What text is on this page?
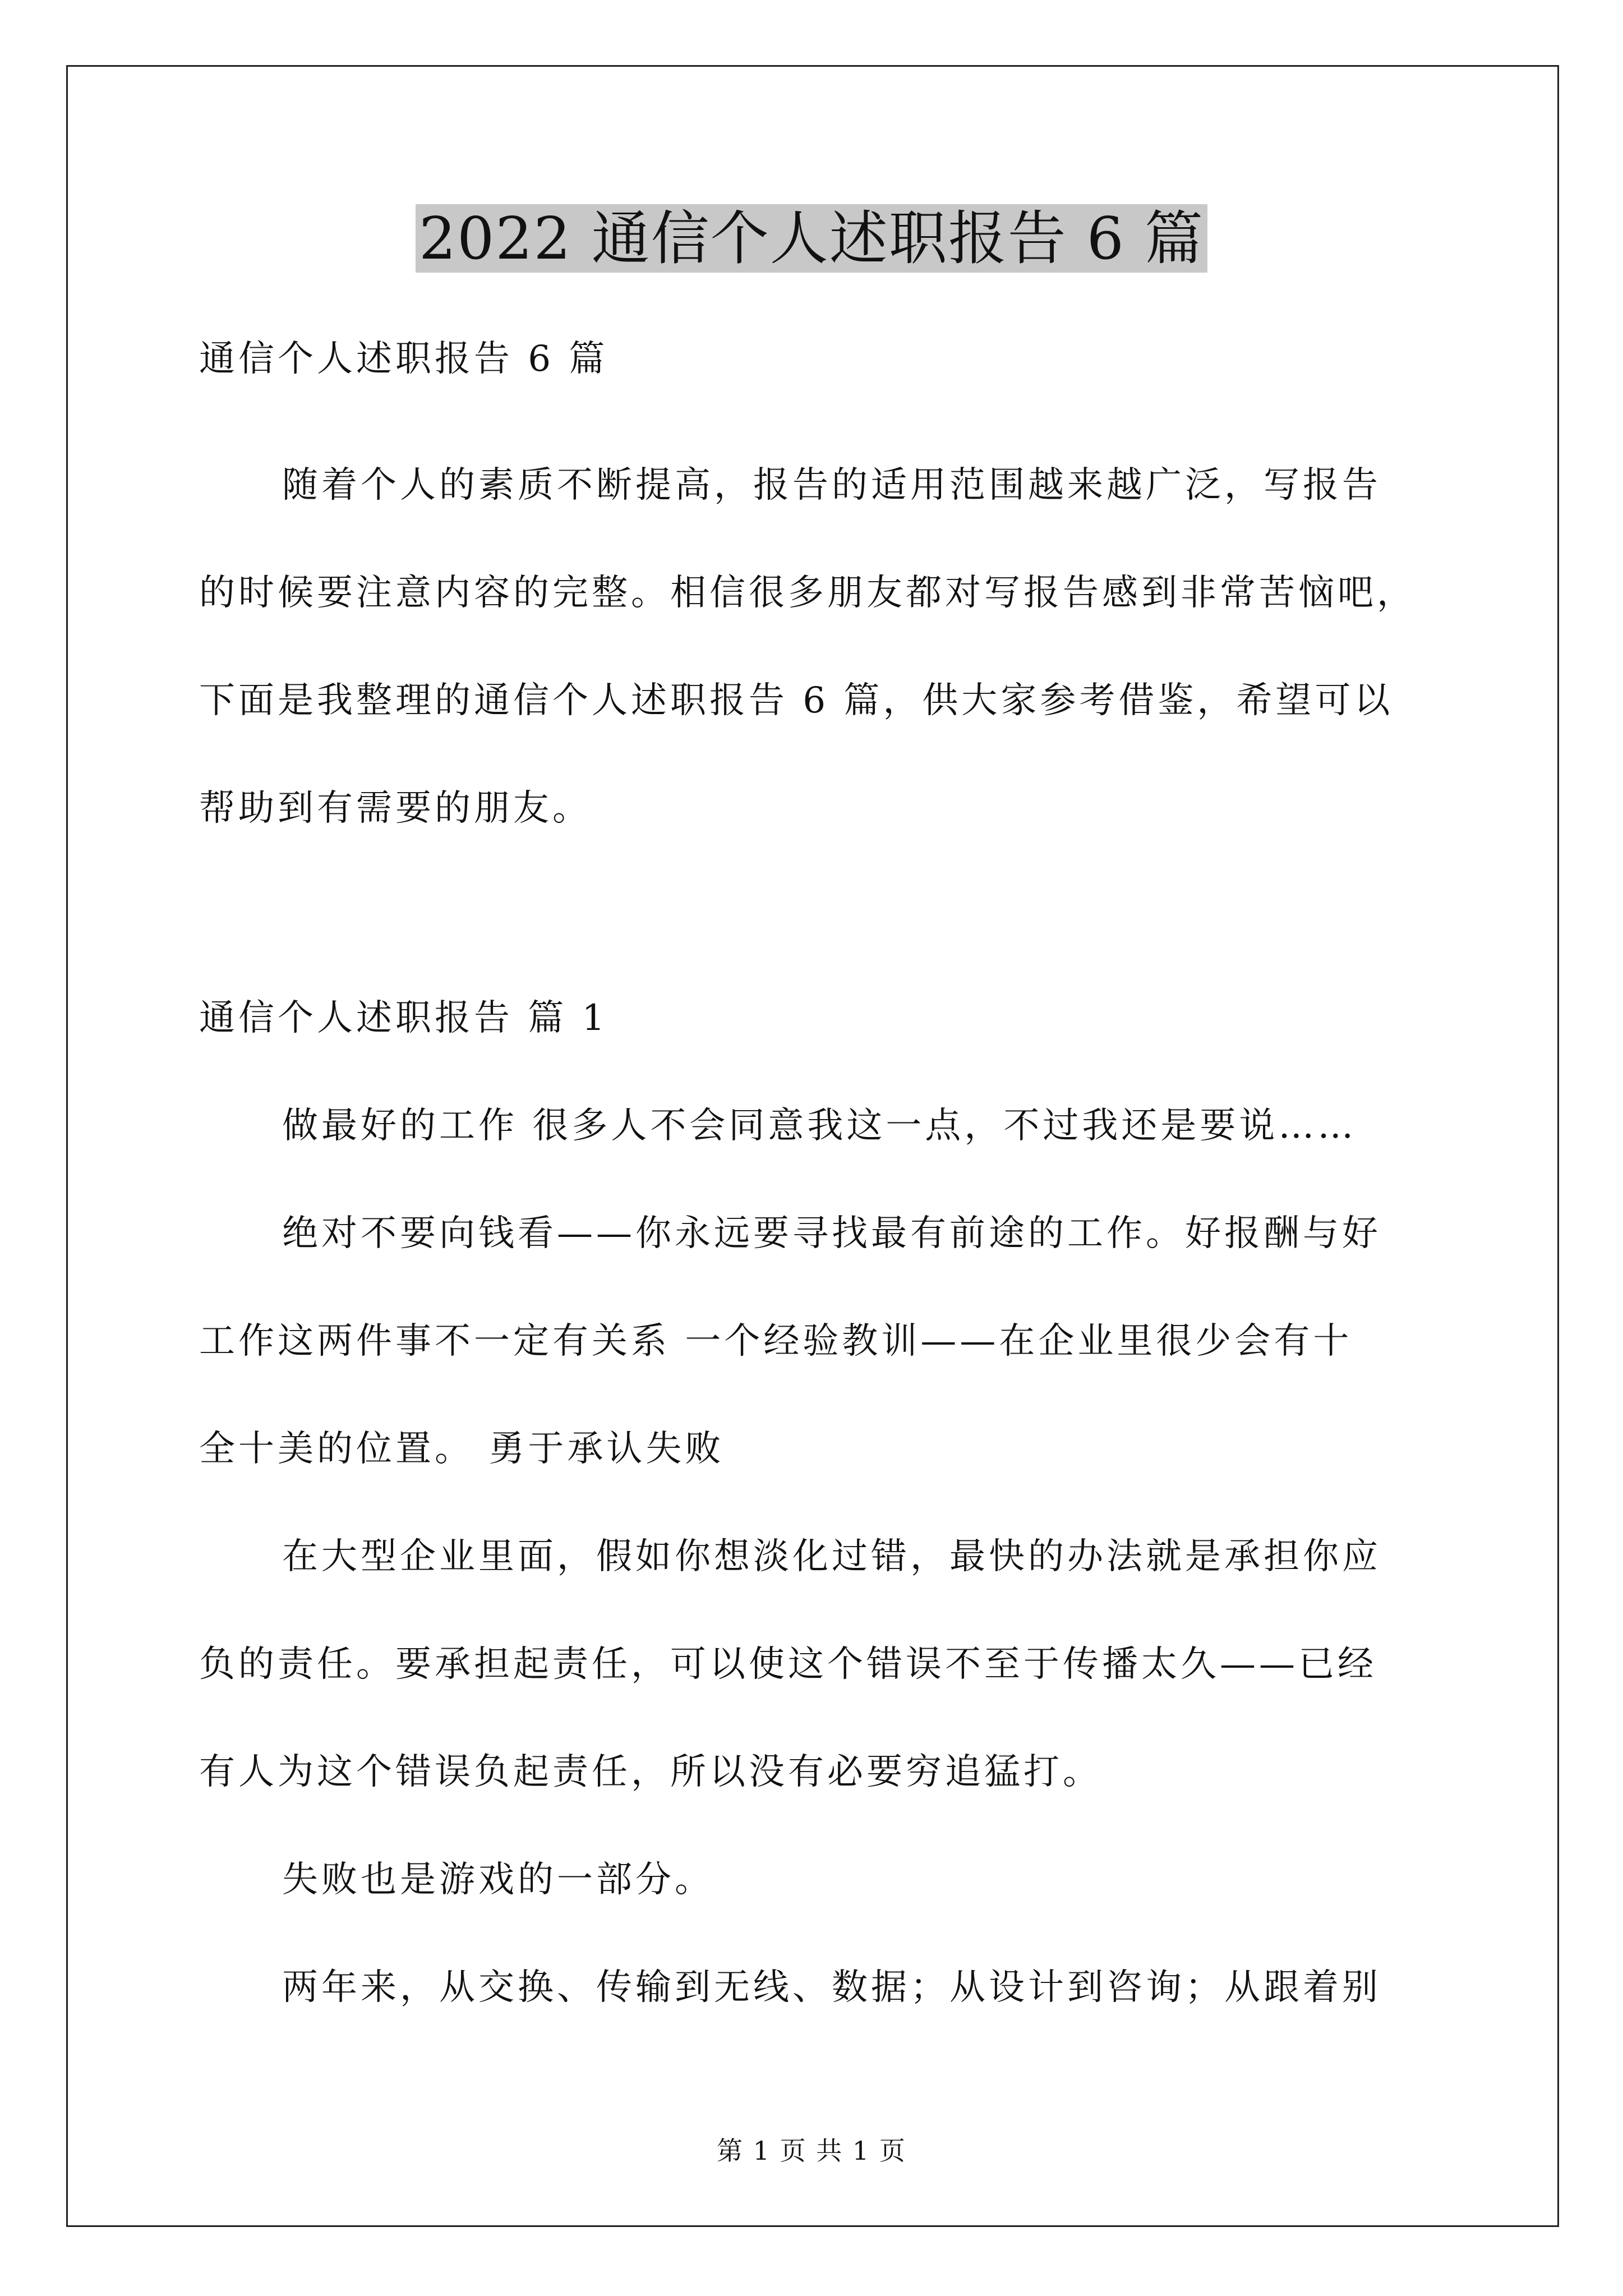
2022 通信个人述职报告 6 篇
通信个人述职报告 6 篇
随着个人的素质不断提高，报告的适用范围越来越广泛，写报告
的时候要注意内容的完整。相信很多朋友都对写报告感到非常苦恼吧，
下面是我整理的通信个人述职报告 6 篇，供大家参考借鉴，希望可以
帮助到有需要的朋友。
通信个人述职报告 篇 1
做最好的工作 很多人不会同意我这一点，不过我还是要说……
绝对不要向钱看——你永远要寻找最有前途的工作。好报酬与好
工作这两件事不一定有关系 一个经验教训——在企业里很少会有十
全十美的位置。 勇于承认失败
在大型企业里面，假如你想淡化过错，最快的办法就是承担你应
负的责任。要承担起责任，可以使这个错误不至于传播太久——已经
有人为这个错误负起责任，所以没有必要穷追猛打。
失败也是游戏的一部分。
两年来，从交换、传输到无线、数据；从设计到咨询；从跟着别
第 1 页 共 1 页
